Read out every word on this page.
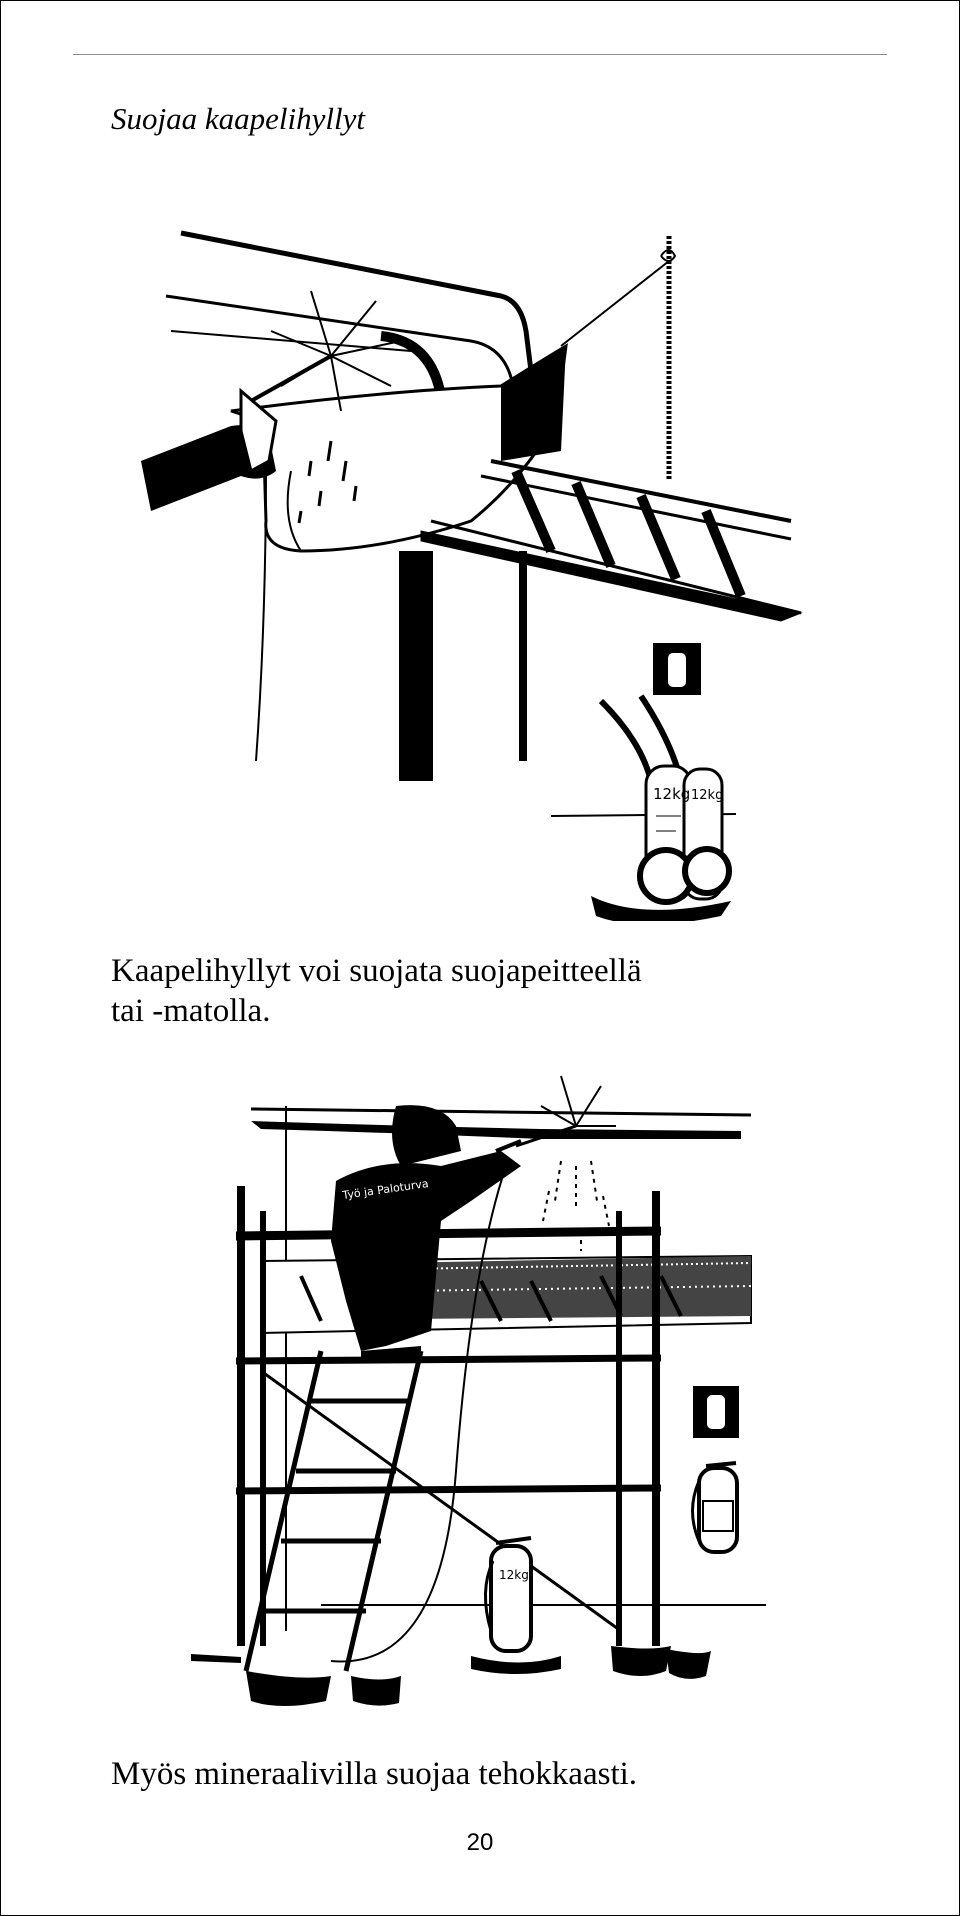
Suojaa kaapelihyllyt
12kg 12kg

Kaapelihyllyt voi suojata suojapeitteellä
tai -matolla.

Työ ja Paloturva
12kg

Myös mineraalivilla suojaa tehokkaasti.

20
